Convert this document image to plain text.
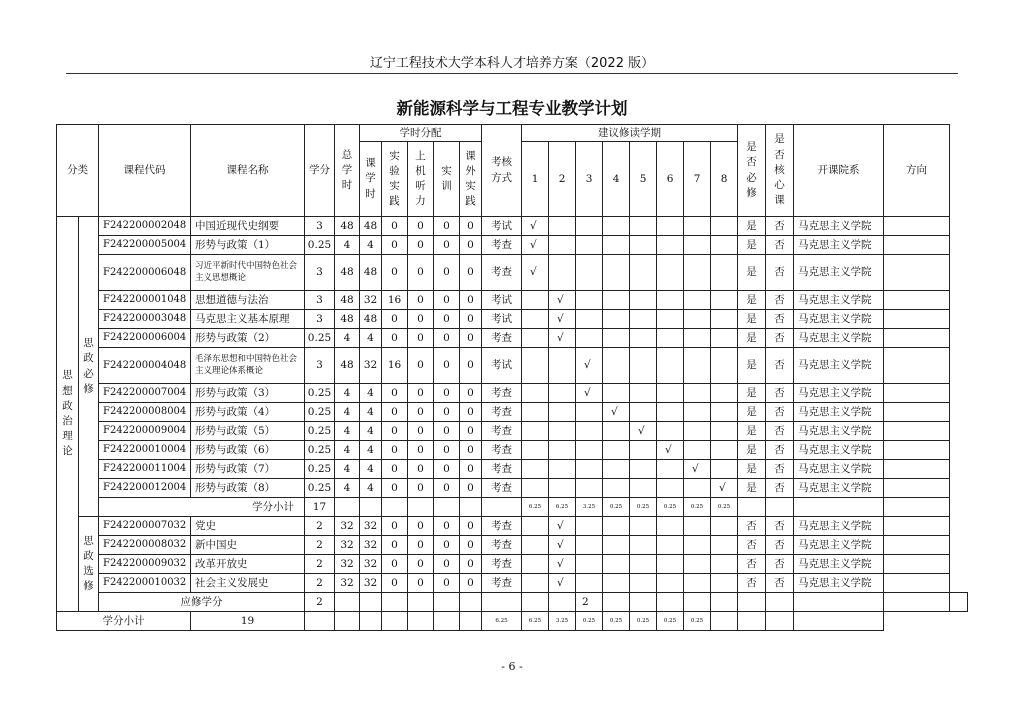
辽宁工程技术大学本科人才培养方案（2022 版）
新能源科学与工程专业教学计划
分类		课程代码	课程名称	学分	总学时	学时分配					考核方式	建议修读学期								是否必修	是否核心课	开课院系	方向	
						课学时	实验实践	上机听力	实训	课外实践		1	2	3	4	5	6	7	8					
思想政治理论	思政必修	F242200002048	中国近现代史纲要	3	48	48	0	0	0	0	考试	√								是	否	马克思主义学院		
		F242200005004	形势与政策（1）	0.25	4	4	0	0	0	0	考查	√								是	否	马克思主义学院		
		F242200006048	习近平新时代中国特色社会主义思想概论	3	48	48	0	0	0	0	考查	√								是	否	马克思主义学院		
		F242200001048	思想道德与法治	3	48	32	16	0	0	0	考试		√							是	否	马克思主义学院		
		F242200003048	马克思主义基本原理	3	48	48	0	0	0	0	考试		√							是	否	马克思主义学院		
		F242200006004	形势与政策（2）	0.25	4	4	0	0	0	0	考查		√							是	否	马克思主义学院		
		F242200004048	毛泽东思想和中国特色社会主义理论体系概论	3	48	32	16	0	0	0	考试			√						是	否	马克思主义学院		
		F242200007004	形势与政策（3）	0.25	4	4	0	0	0	0	考查			√						是	否	马克思主义学院		
		F242200008004	形势与政策（4）	0.25	4	4	0	0	0	0	考查				√					是	否	马克思主义学院		
		F242200009004	形势与政策（5）	0.25	4	4	0	0	0	0	考查					√				是	否	马克思主义学院		
		F242200010004	形势与政策（6）	0.25	4	4	0	0	0	0	考查						√			是	否	马克思主义学院		
		F242200011004	形势与政策（7）	0.25	4	4	0	0	0	0	考查							√		是	否	马克思主义学院		
		F242200012004	形势与政策（8）	0.25	4	4	0	0	0	0	考查								√	是	否	马克思主义学院		
		学分小计		17								6.25	6.25	3.25	0.25	0.25	0.25	0.25	0.25					
	思政选修	F242200007032	党史	2	32	32	0	0	0	0	考查		√							否	否	马克思主义学院		
		F242200008032	新中国史	2	32	32	0	0	0	0	考查		√							否	否	马克思主义学院		
		F242200009032	改革开放史	2	32	32	0	0	0	0	考查		√							否	否	马克思主义学院		
		F242200010032	社会主义发展史	2	32	32	0	0	0	0	考查		√							否	否	马克思主义学院		
		应修学分		2										2										
学分小计			19								6.25	6.25	3.25	0.25	0.25	0.25	0.25	0.25						
- 6 -
